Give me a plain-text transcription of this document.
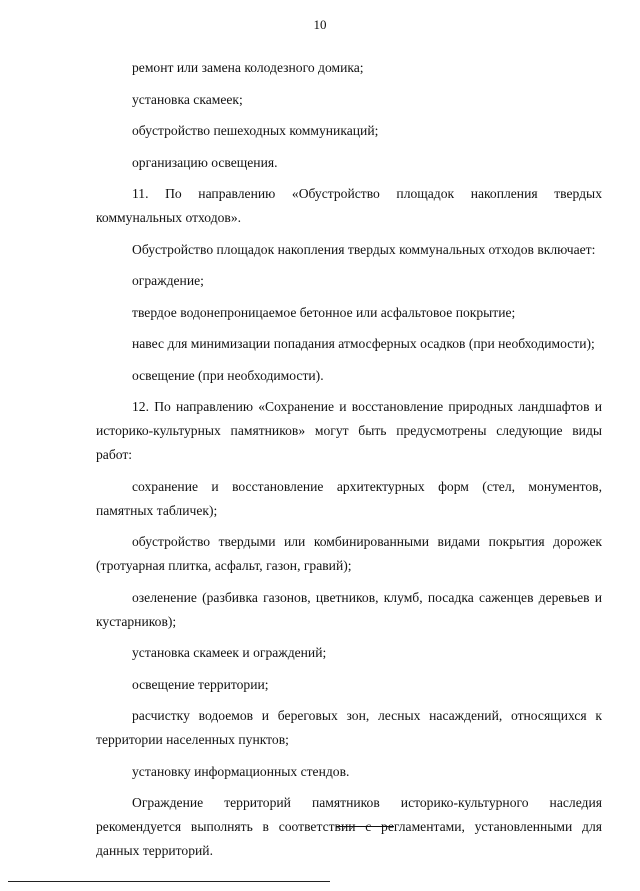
10

ремонт или замена колодезного домика;

установка скамеек;

обустройство пешеходных коммуникаций;

организацию освещения.

11. По направлению «Обустройство площадок накопления твердых коммунальных отходов».

Обустройство площадок накопления твердых коммунальных отходов включает:

ограждение;

твердое водонепроницаемое бетонное или асфальтовое покрытие;

навес для минимизации попадания атмосферных осадков (при необходимости);

освещение (при необходимости).

12. По направлению «Сохранение и восстановление природных ландшафтов и историко-культурных памятников» могут быть предусмотрены следующие виды работ:

сохранение и восстановление архитектурных форм (стел, монументов, памятных табличек);

обустройство твердыми или комбинированными видами покрытия дорожек (тротуарная плитка, асфальт, газон, гравий);

озеленение (разбивка газонов, цветников, клумб, посадка саженцев деревьев и кустарников);

установка скамеек и ограждений;

освещение территории;

расчистку водоемов и береговых зон, лесных насаждений, относящихся к территории населенных пунктов;

установку информационных стендов.

Ограждение территорий памятников историко-культурного наследия рекомендуется выполнять в соответствии с регламентами, установленными для данных территорий.
